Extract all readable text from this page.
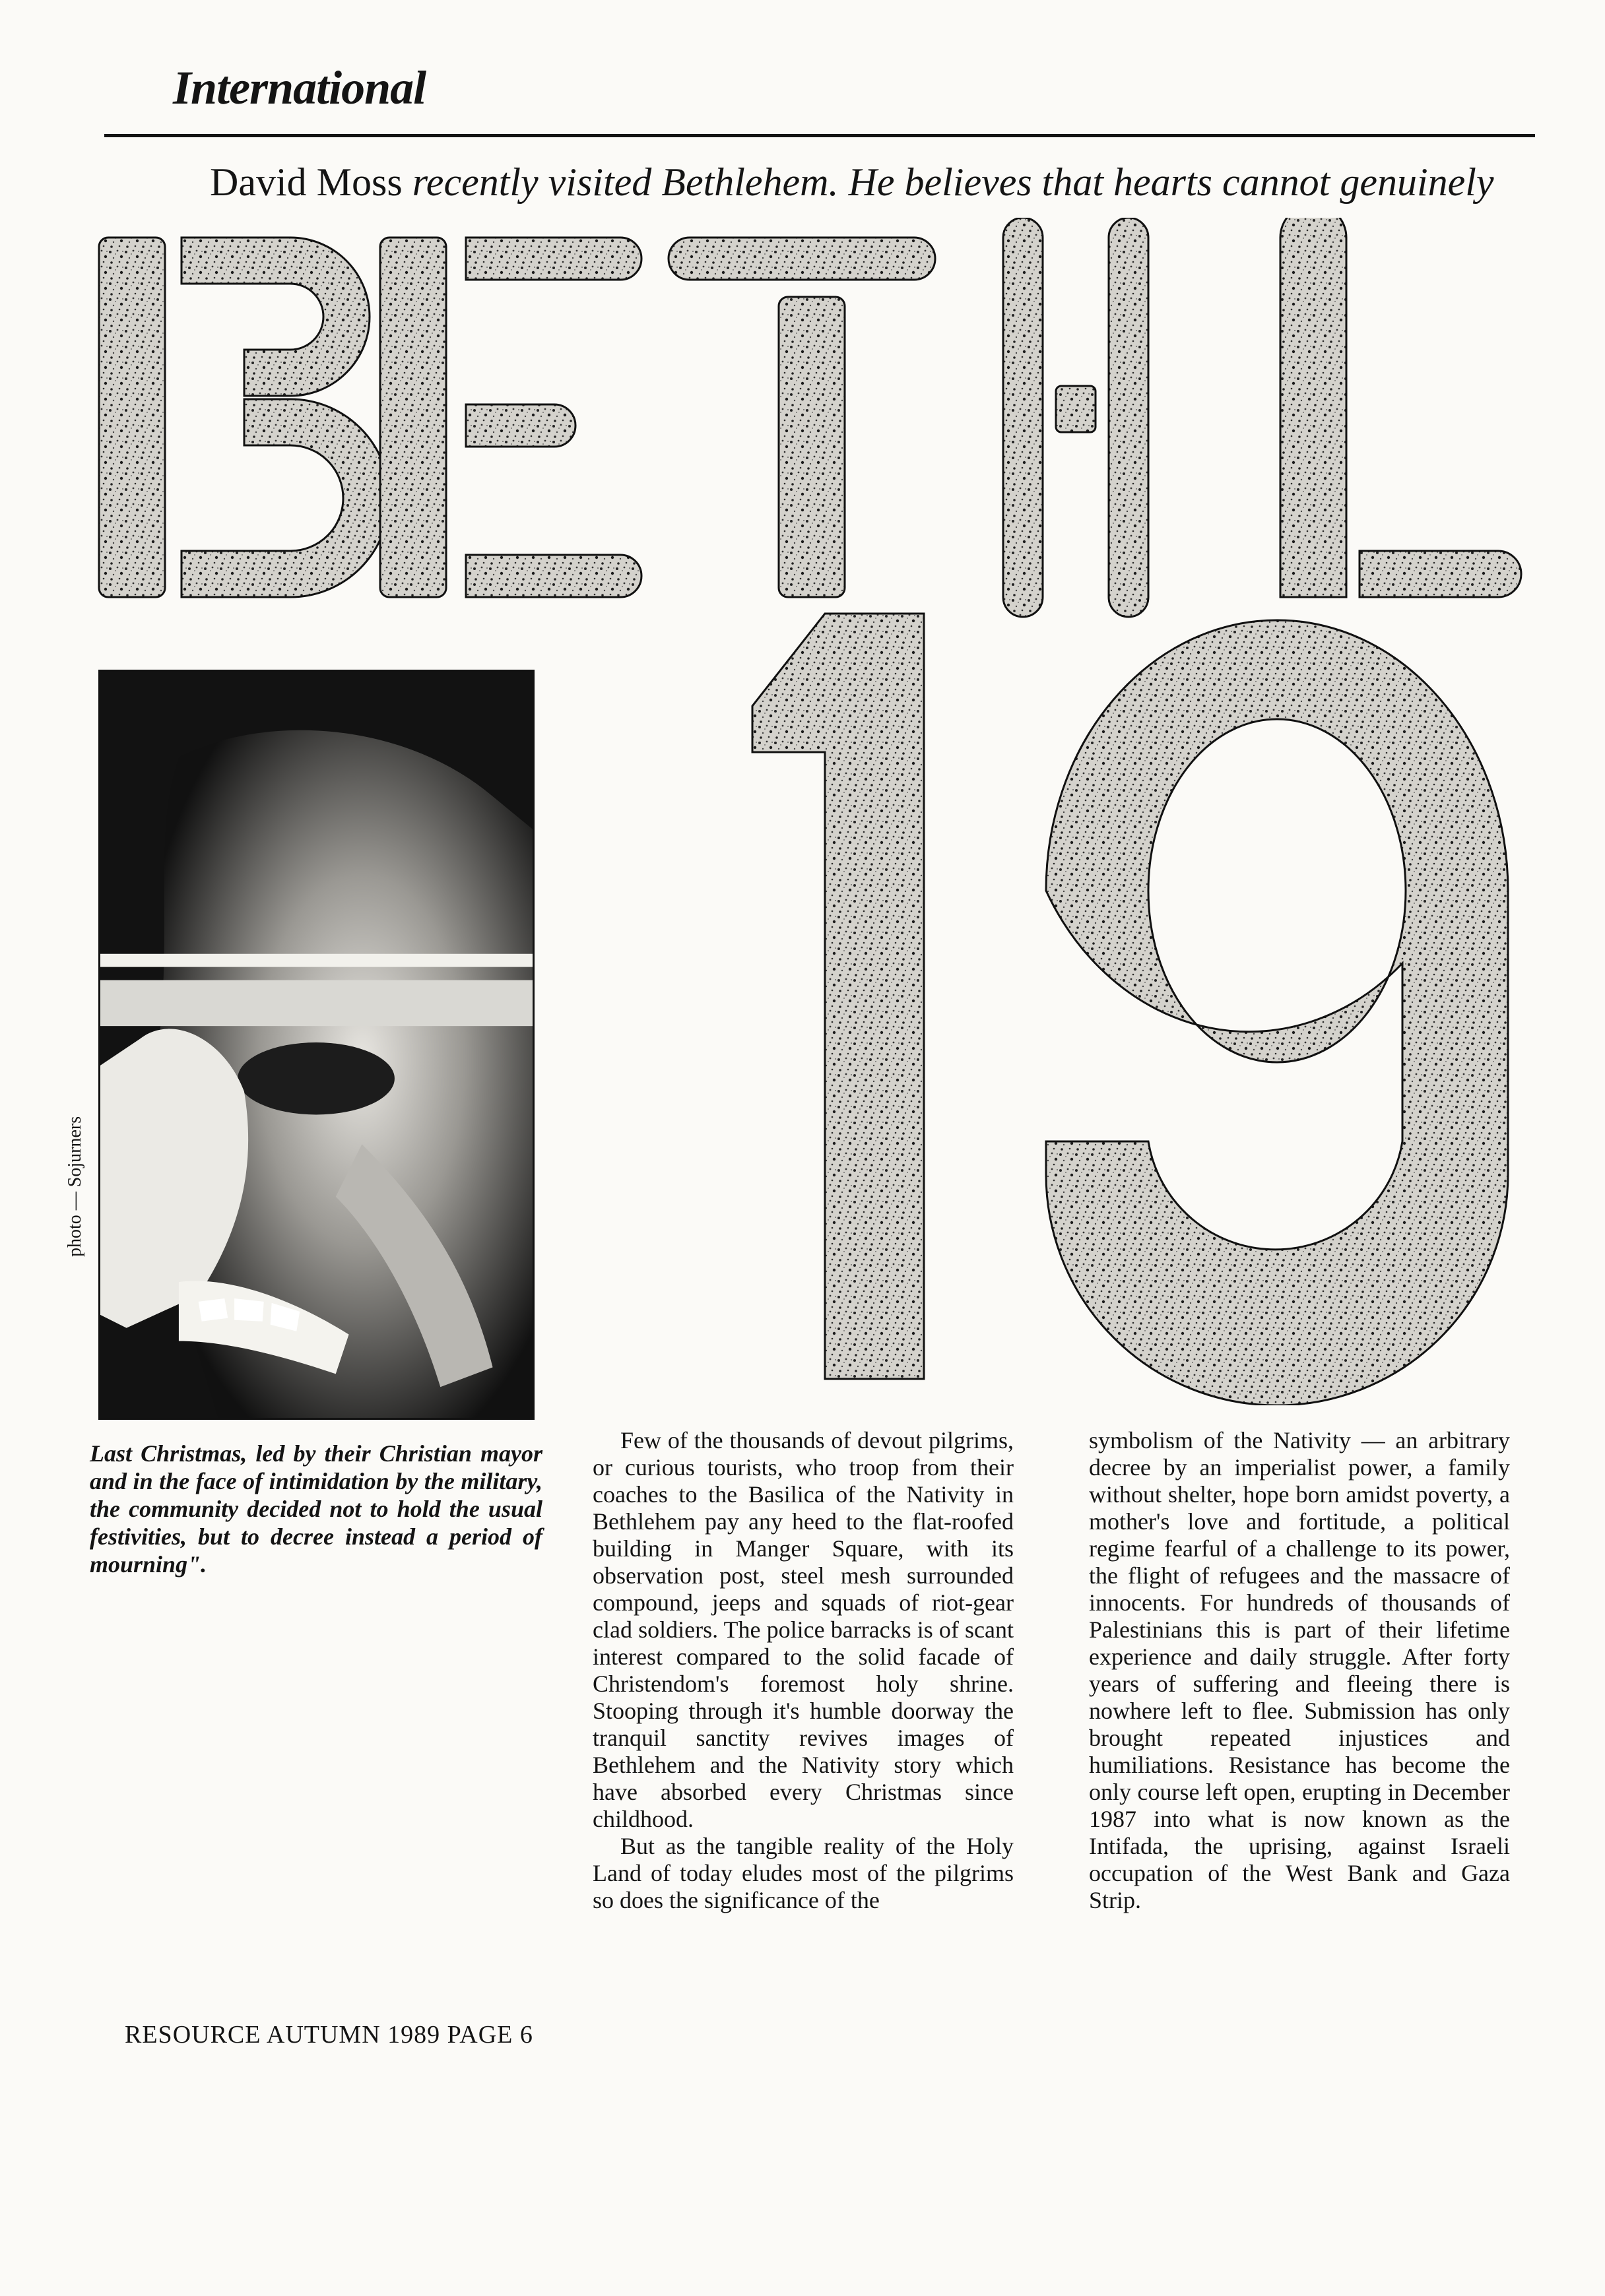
International
David Moss recently visited Bethlehem. He believes that hearts cannot genuinely
photo — Sojurners
Last Christmas, led by their Christian mayor and in the face of intimidation by the military, the community decided not to hold the usual festivities, but to decree instead a period of mourning".

Few of the thousands of devout pilgrims, or curious tourists, who troop from their coaches to the Basilica of the Nativity in Bethlehem pay any heed to the flat-roofed building in Manger Square, with its observation post, steel mesh surrounded compound, jeeps and squads of riot-gear clad soldiers. The police barracks is of scant interest compared to the solid facade of Christendom's foremost holy shrine. Stooping through it's humble doorway the tranquil sanctity revives images of Bethlehem and the Nativity story which have absorbed every Christmas since childhood.

But as the tangible reality of the Holy Land of today eludes most of the pilgrims so does the significance of the

symbolism of the Nativity — an arbitrary decree by an imperialist power, a family without shelter, hope born amidst poverty, a mother's love and fortitude, a political regime fearful of a challenge to its power, the flight of refugees and the massacre of innocents. For hundreds of thousands of Palestinians this is part of their lifetime experience and daily struggle. After forty years of suffering and fleeing there is nowhere left to flee. Submission has only brought repeated injustices and humiliations. Resistance has become the only course left open, erupting in December 1987 into what is now known as the Intifada, the uprising, against Israeli occupation of the West Bank and Gaza Strip.

RESOURCE AUTUMN 1989 PAGE 6
